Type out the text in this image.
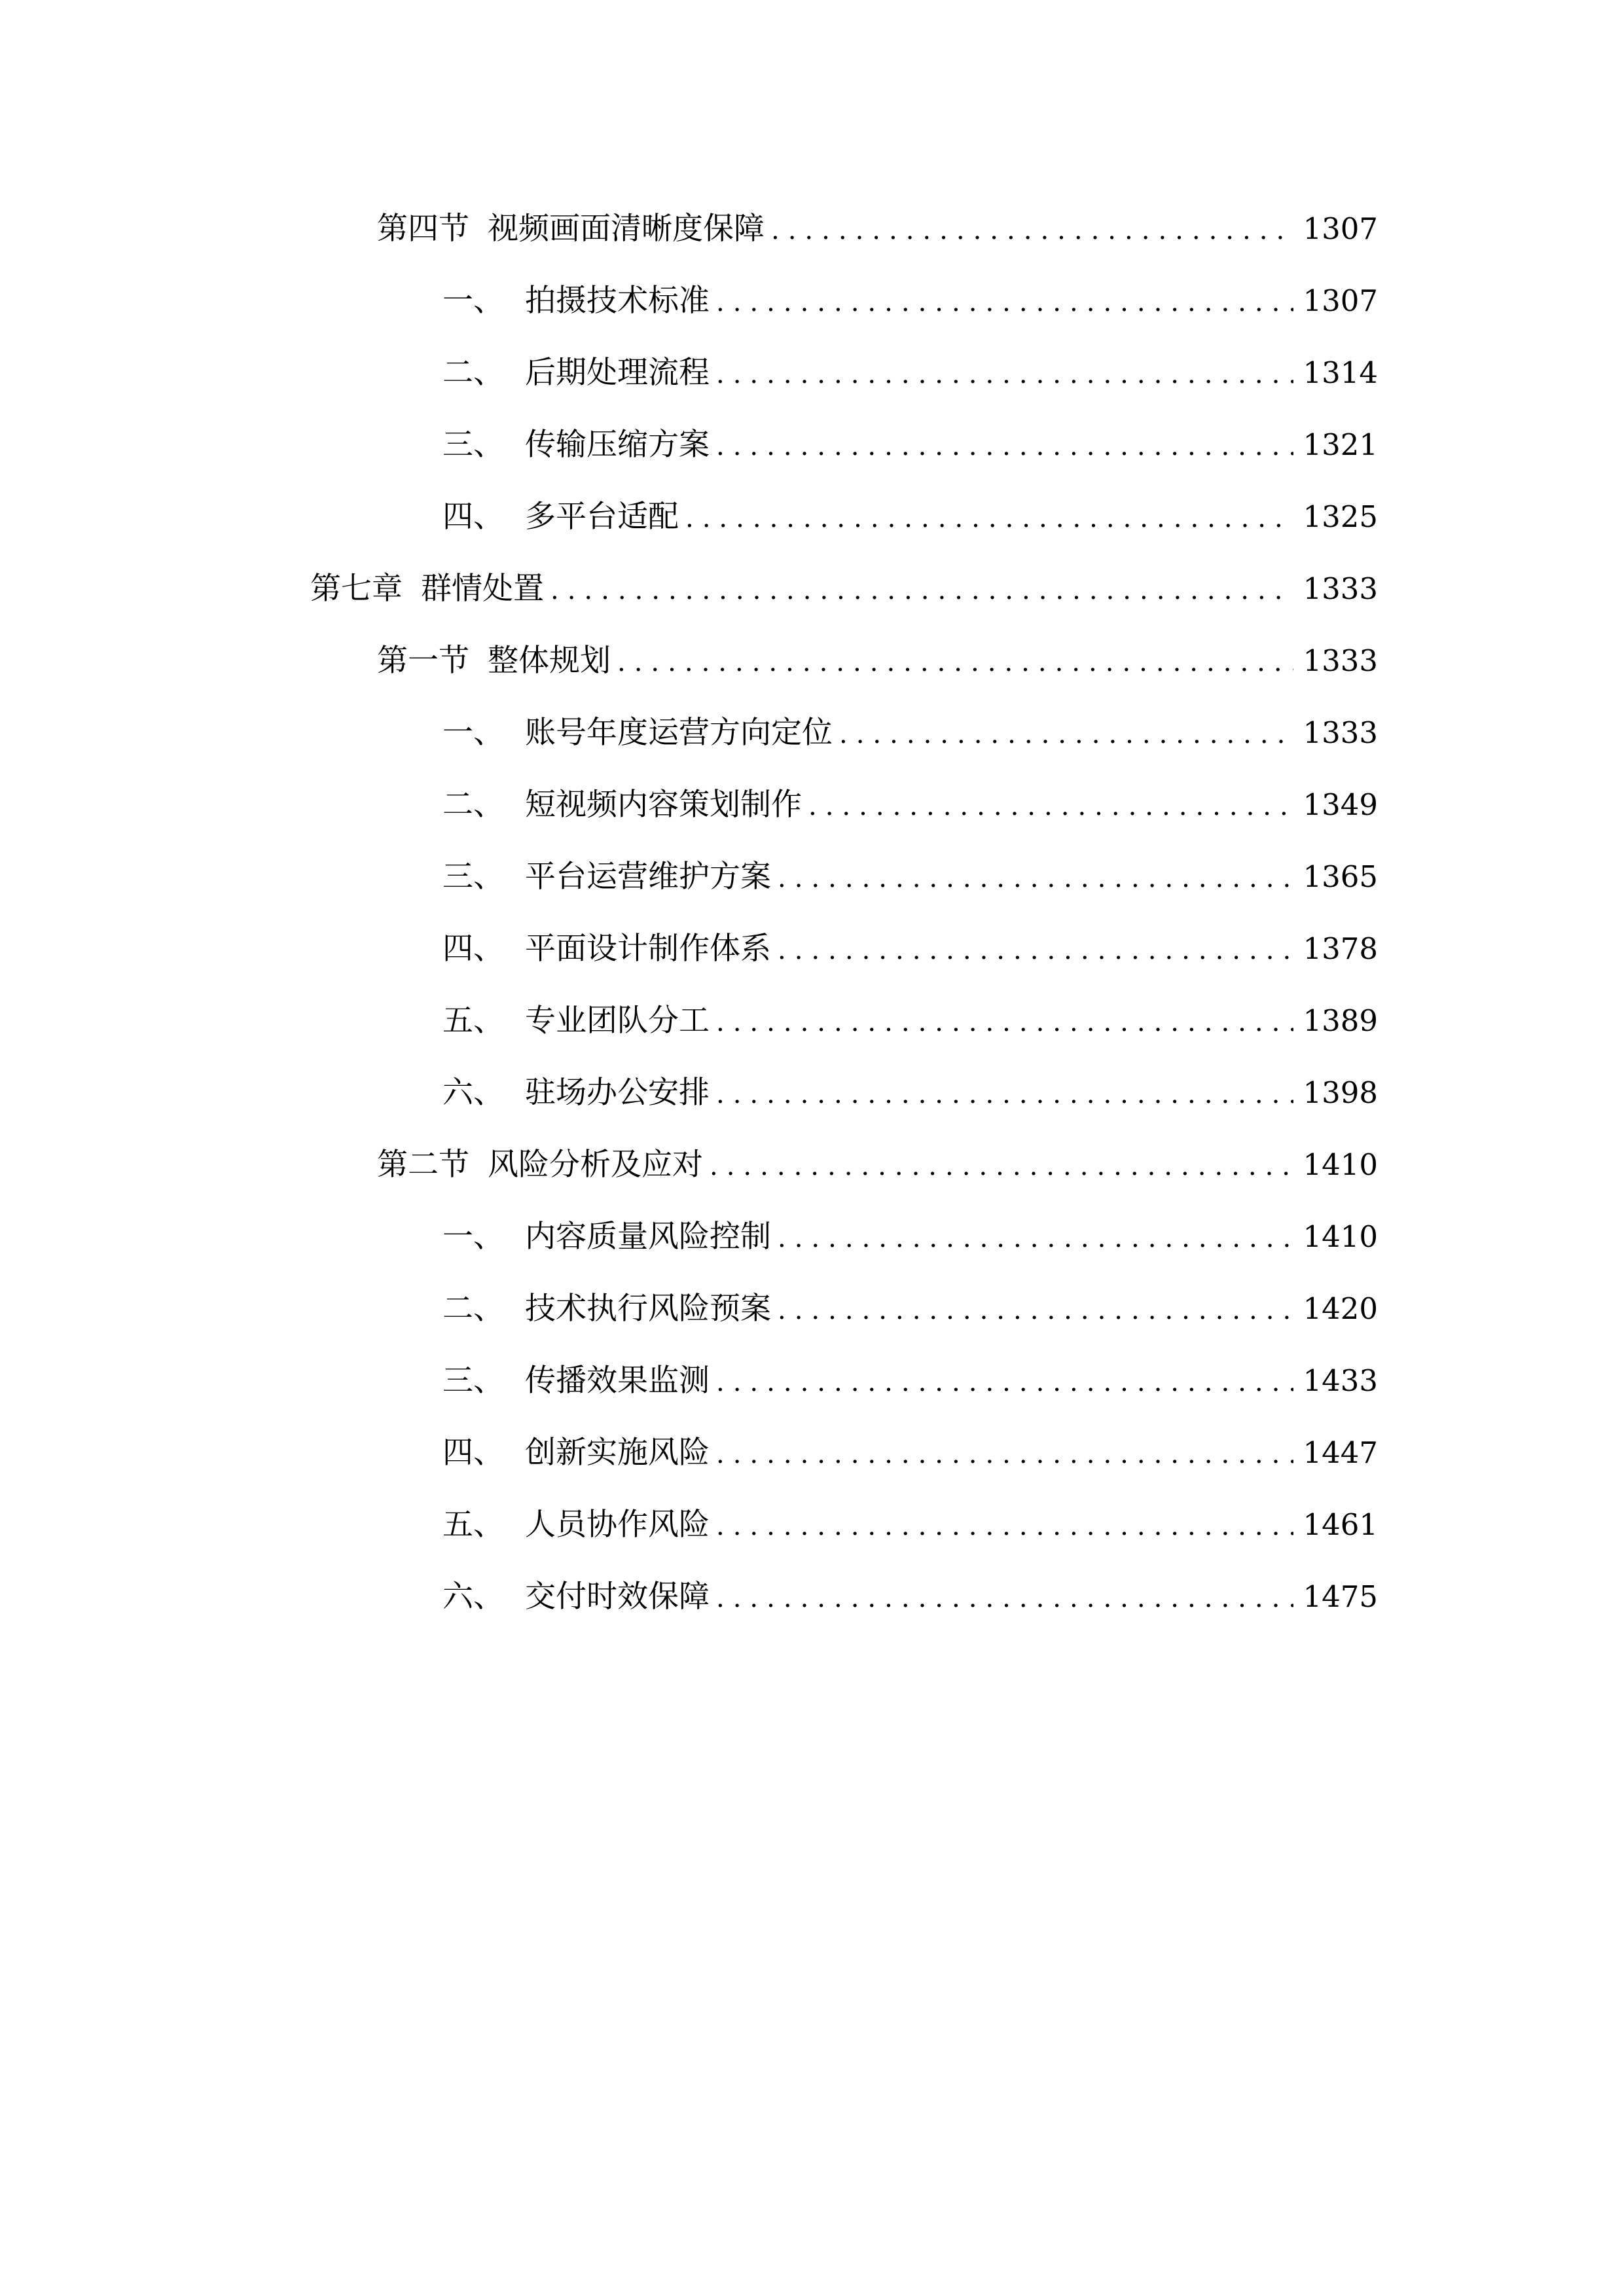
第四节 视频画面清晰度保障 .....	1307
一、 拍摄技术标准 .....	1307
二、 后期处理流程 .....	1314
三、 传输压缩方案 .....	1321
四、 多平台适配 .....	1325
第七章 群情处置 .....	1333
第一节 整体规划 .....	1333
一、 账号年度运营方向定位 .....	1333
二、 短视频内容策划制作 .....	1349
三、 平台运营维护方案 .....	1365
四、 平面设计制作体系 .....	1378
五、 专业团队分工 .....	1389
六、 驻场办公安排 .....	1398
第二节 风险分析及应对 .....	1410
一、 内容质量风险控制 .....	1410
二、 技术执行风险预案 .....	1420
三、 传播效果监测 .....	1433
四、 创新实施风险 .....	1447
五、 人员协作风险 .....	1461
六、 交付时效保障 .....	1475
